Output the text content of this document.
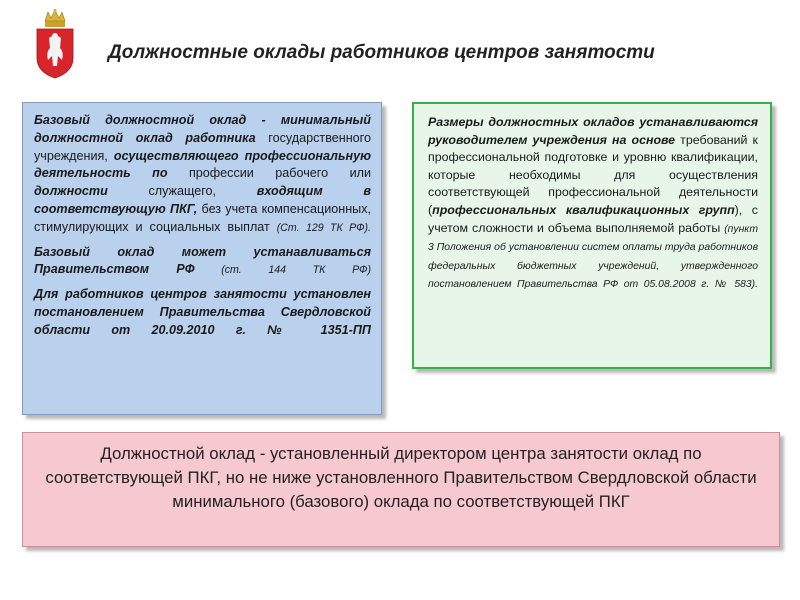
Должностные оклады работников центров занятости

Базовый должностной оклад - минимальный должностной оклад работника государственного учреждения, осуществляющего профессиональную деятельность по профессии рабочего или должности служащего, входящим в соответствующую ПКГ, без учета компенсационных, стимулирующих и социальных выплат (Ст. 129 ТК РФ).

Базовый оклад может устанавливаться Правительством РФ (ст. 144 ТК РФ)

Для работников центров занятости установлен постановлением Правительства Свердловской области от 20.09.2010 г. № 1351-ПП

Размеры должностных окладов устанавливаются руководителем учреждения на основе требований к профессиональной подготовке и уровню квалификации, которые необходимы для осуществления соответствующей профессиональной деятельности (профессиональных квалификационных групп), с учетом сложности и объема выполняемой работы (пункт 3 Положения об установлении систем оплаты труда работников федеральных бюджетных учреждений, утвержденного постановлением Правительства РФ от 05.08.2008 г. № 583).

Должностной оклад - установленный директором центра занятости оклад по соответствующей ПКГ, но не ниже установленного Правительством Свердловской области минимального (базового) оклада по соответствующей ПКГ
